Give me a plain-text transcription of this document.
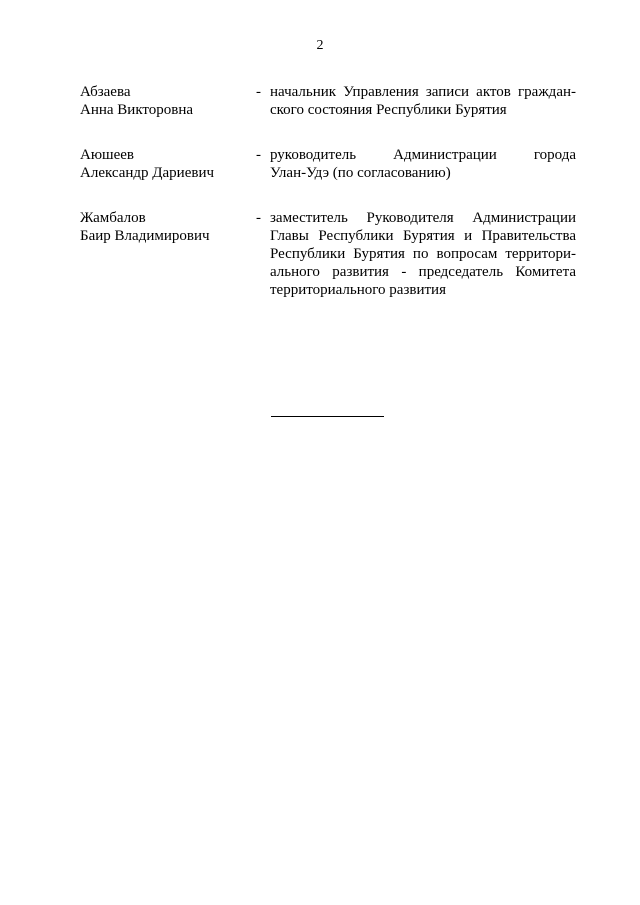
2
Абзаева
Анна Викторовна
- начальник Управления записи актов граждан-
ского состояния Республики Бурятия
Аюшеев
Александр Дариевич
- руководитель Администрации города
Улан-Удэ (по согласованию)
Жамбалов
Баир Владимирович
- заместитель Руководителя Администрации
Главы Республики Бурятия и Правительства
Республики Бурятия по вопросам территори-
ального развития - председатель Комитета
территориального развития
